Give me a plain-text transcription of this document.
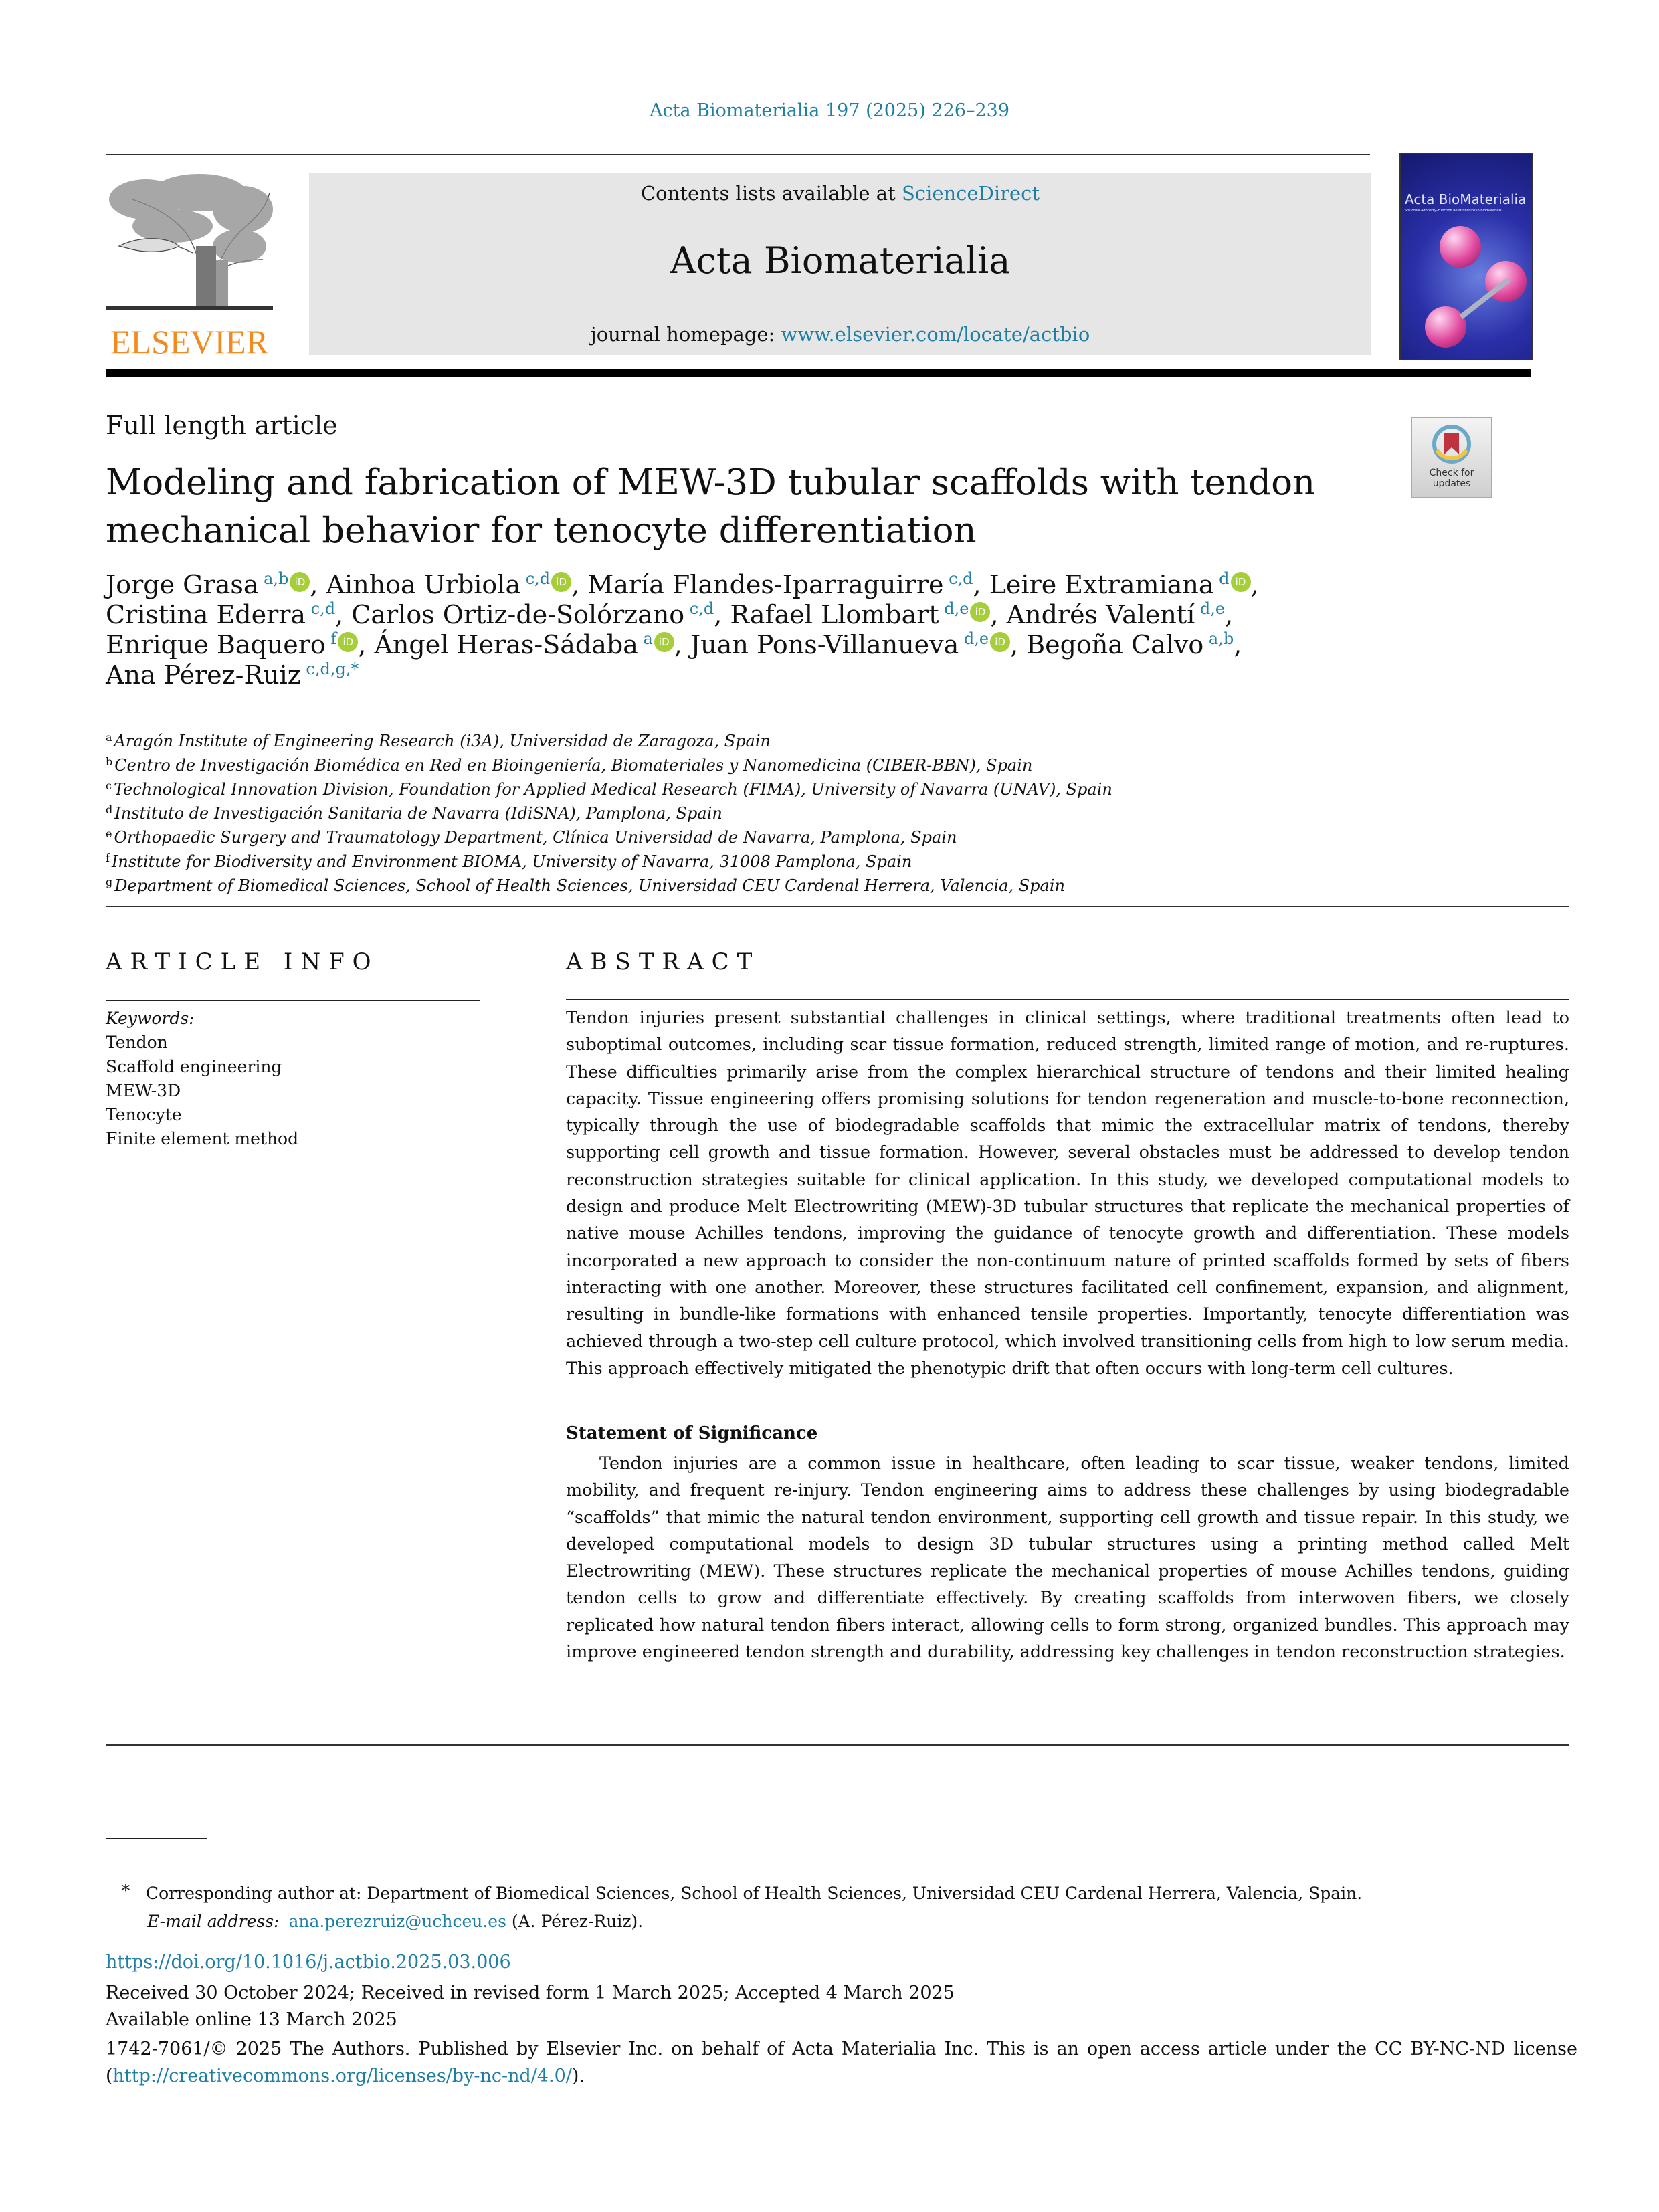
Acta Biomaterialia 197 (2025) 226–239
ELSEVIER
Contents lists available at ScienceDirect
Acta Biomaterialia
journal homepage: www.elsevier.com/locate/actbio
Acta BioMaterialia
Structure–Property–Function Relationships in Biomaterials
Full length article
Modeling and fabrication of MEW-3D tubular scaffolds with tendon mechanical behavior for tenocyte differentiation
Check for
updates
Jorge Grasa  $^{a,b}$ iD , Ainhoa Urbiola  $^{c,d}$ iD , María Flandes-Iparraguirre  $^{c,d}$, Leire Extramiana  $^d$ iD ,
Cristina Ederra  $^{c,d}$, Carlos Ortiz-de-Solórzano  $^{c,d}$, Rafael Llombart  $^{d,e}$ iD , Andrés Valentí  $^{d,e}$,
Enrique Baquero  $^f$ iD , Ángel Heras-Sádaba  $^a$ iD , Juan Pons-Villanueva  $^{d,e}$ iD , Begoña Calvo  $^{a,b}$,
Ana Pérez-Ruiz  $^{c,d,g,*}$
$^a$ Aragón Institute of Engineering Research (i3A), Universidad de Zaragoza, Spain
$^b$ Centro de Investigación Biomédica en Red en Bioingeniería, Biomateriales y Nanomedicina (CIBER-BBN), Spain
$^c$ Technological Innovation Division, Foundation for Applied Medical Research (FIMA), University of Navarra (UNAV), Spain
$^d$ Instituto de Investigación Sanitaria de Navarra (IdiSNA), Pamplona, Spain
$^e$ Orthopaedic Surgery and Traumatology Department, Clínica Universidad de Navarra, Pamplona, Spain
$^f$ Institute for Biodiversity and Environment BIOMA, University of Navarra, 31008 Pamplona, Spain
$^g$ Department of Biomedical Sciences, School of Health Sciences, Universidad CEU Cardenal Herrera, Valencia, Spain
ARTICLE INFO
Keywords:
Tendon
Scaffold engineering
MEW-3D
Tenocyte
Finite element method
ABSTRACT
Tendon injuries present substantial challenges in clinical settings, where traditional treatments often lead to suboptimal outcomes, including scar tissue formation, reduced strength, limited range of motion, and re-ruptures. These difficulties primarily arise from the complex hierarchical structure of tendons and their limited healing capacity. Tissue engineering offers promising solutions for tendon regeneration and muscle-to-bone reconnection, typically through the use of biodegradable scaffolds that mimic the extracellular matrix of tendons, thereby supporting cell growth and tissue formation. However, several obstacles must be addressed to develop tendon reconstruction strategies suitable for clinical application. In this study, we developed computational models to design and produce Melt Electrowriting (MEW)-3D tubular structures that replicate the mechanical properties of native mouse Achilles tendons, improving the guidance of tenocyte growth and differentiation. These models incorporated a new approach to consider the non-continuum nature of printed scaffolds formed by sets of fibers interacting with one another. Moreover, these structures facilitated cell confinement, expansion, and alignment, resulting in bundle-like formations with enhanced tensile properties. Importantly, tenocyte differentiation was achieved through a two-step cell culture protocol, which involved transitioning cells from high to low serum media. This approach effectively mitigated the phenotypic drift that often occurs with long-term cell cultures.
Statement of Significance
Tendon injuries are a common issue in healthcare, often leading to scar tissue, weaker tendons, limited mobility, and frequent re-injury. Tendon engineering aims to address these challenges by using biodegradable “scaffolds” that mimic the natural tendon environment, supporting cell growth and tissue repair. In this study, we developed computational models to design 3D tubular structures using a printing method called Melt Electrowriting (MEW). These structures replicate the mechanical properties of mouse Achilles tendons, guiding tendon cells to grow and differentiate effectively. By creating scaffolds from interwoven fibers, we closely replicated how natural tendon fibers interact, allowing cells to form strong, organized bundles. This approach may improve engineered tendon strength and durability, addressing key challenges in tendon reconstruction strategies.
* Corresponding author at: Department of Biomedical Sciences, School of Health Sciences, Universidad CEU Cardenal Herrera, Valencia, Spain.
E-mail address: ana.perezruiz@uchceu.es (A. Pérez-Ruiz).
https://doi.org/10.1016/j.actbio.2025.03.006
Received 30 October 2024; Received in revised form 1 March 2025; Accepted 4 March 2025
Available online 13 March 2025
1742-7061/© 2025 The Authors. Published by Elsevier Inc. on behalf of Acta Materialia Inc. This is an open access article under the CC BY-NC-ND license (http://creativecommons.org/licenses/by-nc-nd/4.0/).
